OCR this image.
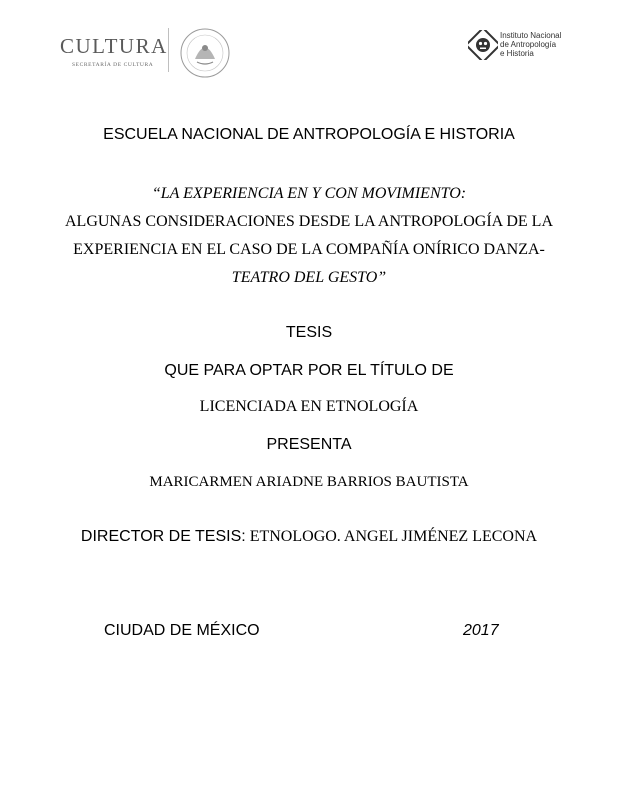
CULTURA
SECRETARÍA DE CULTURA
Instituto Nacional
de Antropología
e Historia
ESCUELA NACIONAL DE ANTROPOLOGÍA E HISTORIA
“LA EXPERIENCIA EN Y CON MOVIMIENTO:
ALGUNAS CONSIDERACIONES DESDE LA ANTROPOLOGÍA DE LA
EXPERIENCIA EN EL CASO DE LA COMPAÑÍA ONÍRICO DANZA-
TEATRO DEL GESTO”
TESIS
QUE PARA OPTAR POR EL TÍTULO DE
LICENCIADA EN ETNOLOGÍA
PRESENTA
MARICARMEN ARIADNE BARRIOS BAUTISTA
DIRECTOR DE TESIS: ETNOLOGO. ANGEL JIMÉNEZ LECONA
CIUDAD DE MÉXICO	2017
